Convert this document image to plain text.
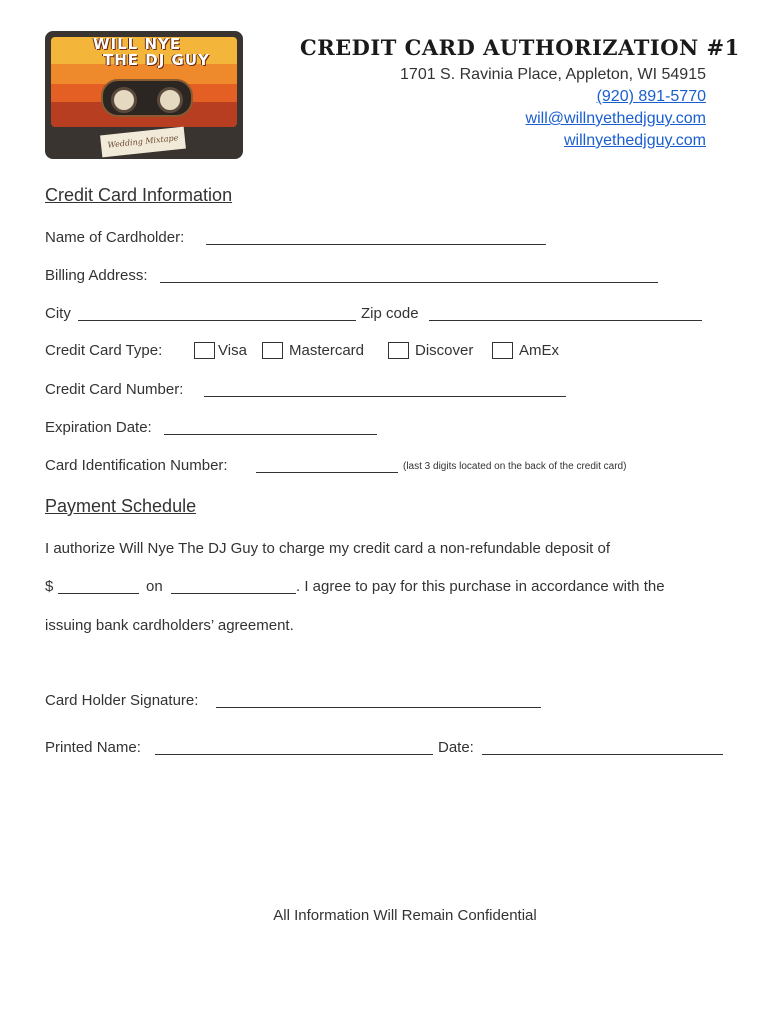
WILL NYE
THE DJ GUY
Wedding Mixtape
CREDIT CARD AUTHORIZATION #1
1701 S. Ravinia Place, Appleton, WI 54915
(920) 891-5770
will@willnyethedjguy.com
willnyethedjguy.com
Credit Card Information
Name of Cardholder:
Billing Address:
City	Zip code
Credit Card Type:	Visa	Mastercard	Discover	AmEx
Credit Card Number:
Expiration Date:
Card Identification Number:	(last 3 digits located on the back of the credit card)
Payment Schedule
I authorize Will Nye The DJ Guy to charge my credit card a non-refundable deposit of
$	on	. I agree to pay for this purchase in accordance with the
issuing bank cardholders’ agreement.
Card Holder Signature:
Printed Name:	Date:
All Information Will Remain Confidential
